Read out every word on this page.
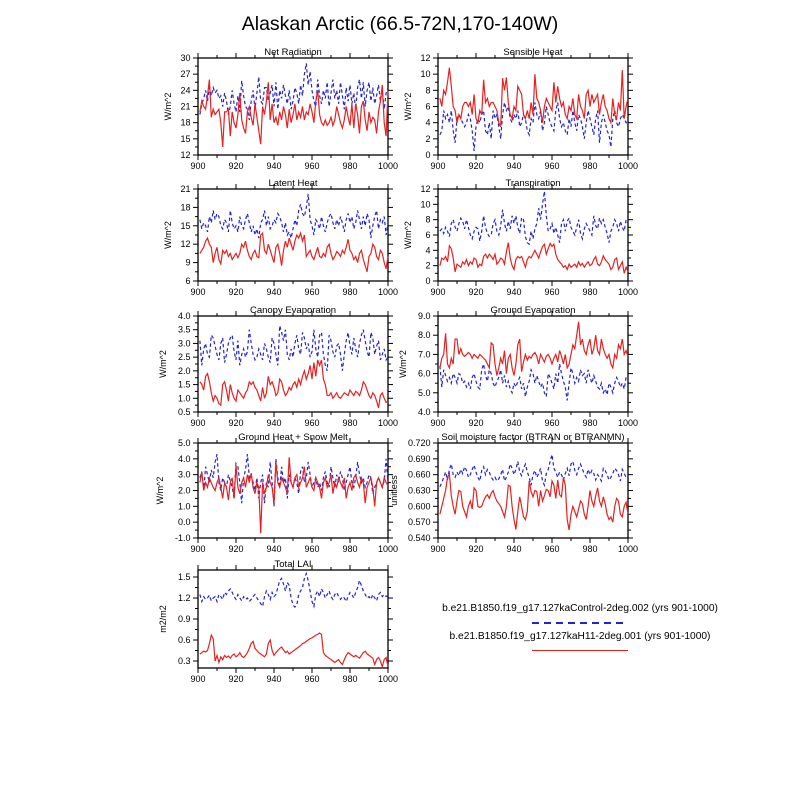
Alaskan Arctic (66.5-72N,170-140W)
900	920	940	960	980 1000
12
15
18
21
24
27
30	Net Radiation
W/m^2
900	920	940	960	980 1000
0
2
4
6
8
10
12	Sensible Heat
W/m^2
900	920	940	960	980 1000
6
9
12
15
18
21	Latent Heat
W/m^2
900	920	940	960	980 1000
0
2
4
6
8
10
12	Transpiration
W/m^2
900	920	940	960	980 1000
0.5
1.0
1.5
2.0
2.5
3.0
3.5
4.0	Canopy Evaporation
W/m^2
900	920	940	960	980 1000
4.0
5.0
6.0
7.0
8.0
9.0	Ground Evaporation
W/m^2
900	920	940	960	980 1000
-1.0
0.0
1.0
2.0
3.0
4.0
5.0	Ground Heat + Snow Melt
W/m^2
900	920	940	960	980 1000
0.540
0.570
0.600
0.630
0.660
0.690
0.720 Soil moisture factor (BTRAN or BTRANMN)
unitless
900	920	940	960	980 1000
0.3
0.6
0.9
1.2
1.5
Total LAI
m2/m2	b.e21.B1850.f19_g17.127kaControl-2deg.002 (yrs 901-1000)
b.e21.B1850.f19_g17.127kaH11-2deg.001 (yrs 901-1000)
